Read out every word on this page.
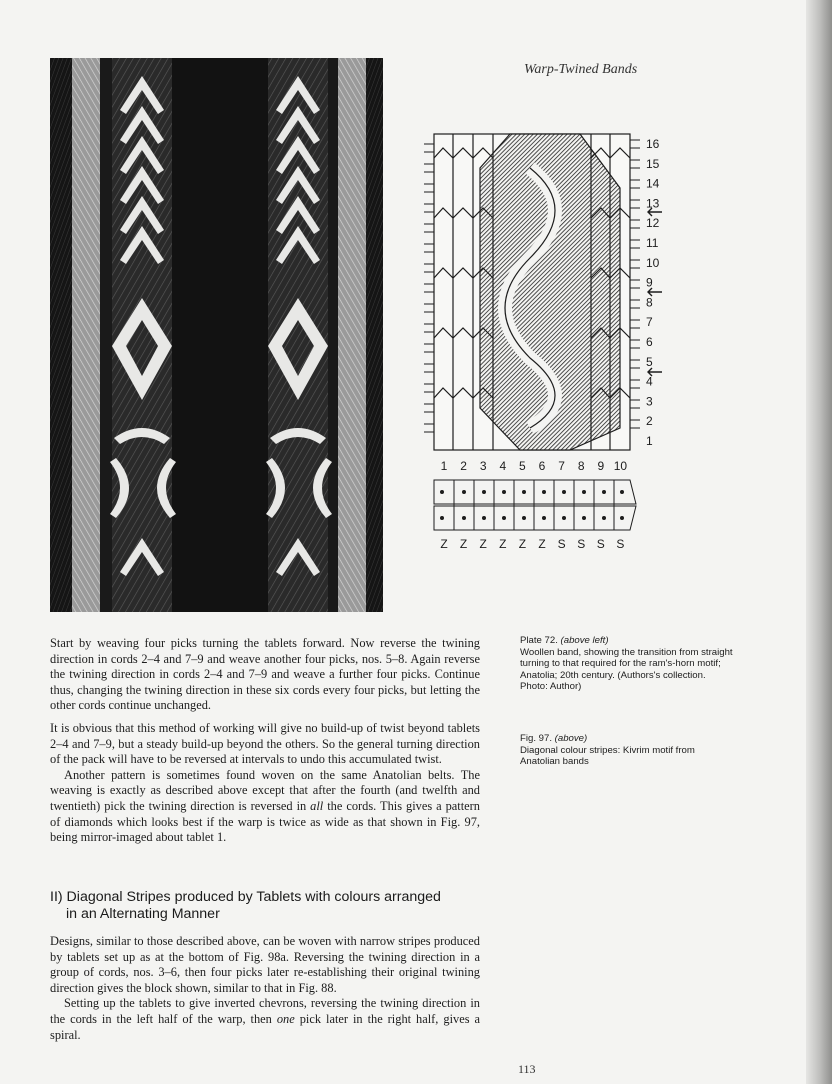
Warp-Twined Bands
16
15
14
13
12
11
10
9
8
7
6
5
4
3
2
1
1 2 3 4 5 6 7 8 9 10
Z Z Z Z Z Z S S S S

Start by weaving four picks turning the tablets forward. Now reverse the twining direction in cords 2–4 and 7–9 and weave another four picks, nos. 5–8. Again reverse the twining direction in cords 2–4 and 7–9 and weave a further four picks. Continue thus, changing the twining direction in these six cords every four picks, but letting the other cords continue unchanged.

It is obvious that this method of working will give no build-up of twist beyond tablets 2–4 and 7–9, but a steady build-up beyond the others. So the general turning direction of the pack will have to be reversed at intervals to undo this accumulated twist.

Another pattern is sometimes found woven on the same Anatolian belts. The weaving is exactly as described above except that after the fourth (and twelfth and twentieth) pick the twining direction is reversed in all the cords. This gives a pattern of diamonds which looks best if the warp is twice as wide as that shown in Fig. 97, being mirror-imaged about tablet 1.

II) Diagonal Stripes produced by Tablets with colours arranged
in an Alternating Manner

Designs, similar to those described above, can be woven with narrow stripes produced by tablets set up as at the bottom of Fig. 98a. Reversing the twining direction in a group of cords, nos. 3–6, then four picks later re-establishing their original twining direction gives the block shown, similar to that in Fig. 88.

Setting up the tablets to give inverted chevrons, reversing the twining direction in the cords in the left half of the warp, then one pick later in the right half, gives a spiral.

Plate 72. (above left)
Woollen band, showing the transition from straight turning to that required for the ram's-horn motif; Anatolia; 20th century. (Authors's collection. Photo: Author)
Fig. 97. (above)
Diagonal colour stripes: Kivrim motif from Anatolian bands
113
